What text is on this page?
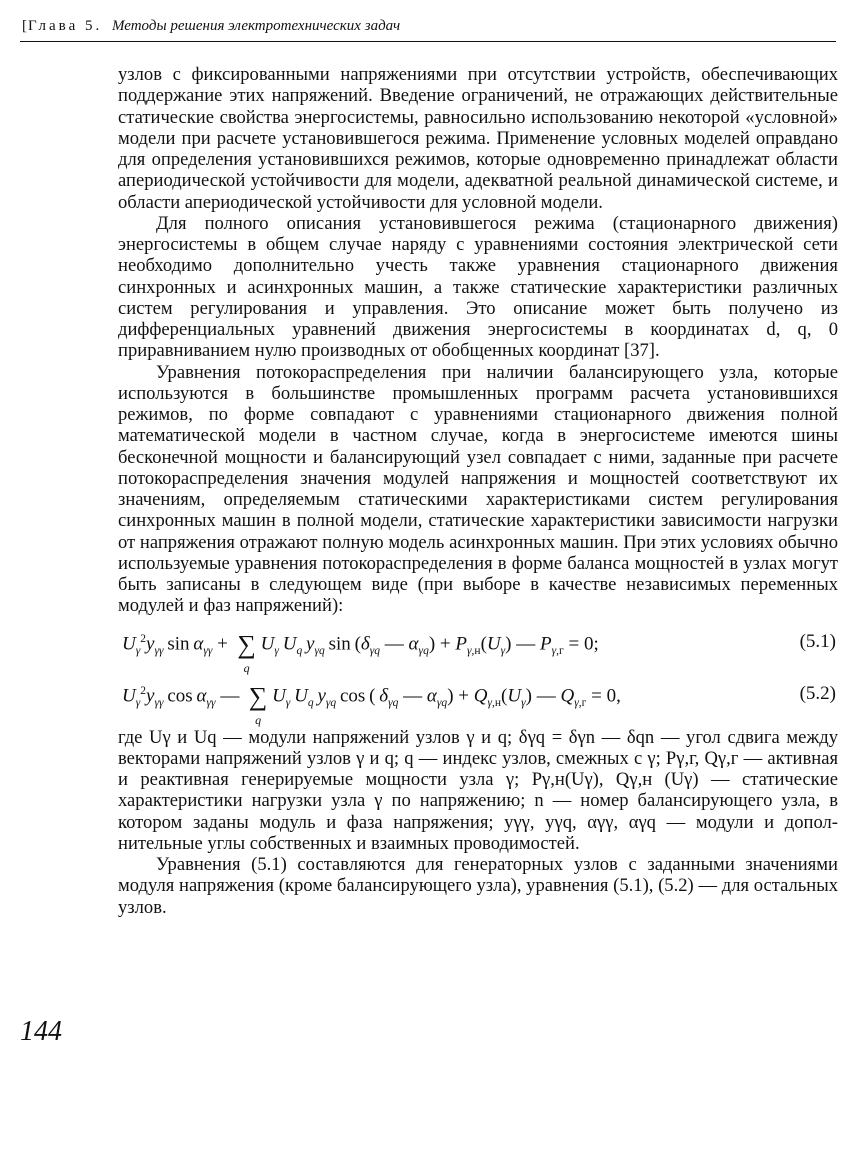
[Глава 5. Методы решения электротехнических задач

узлов с фиксированными напряжениями при отсутствии устройств, обеспечивающих поддержание этих напряжений. Введение ограничений, не отражающих действительные статические свойства энергосистемы, равносильно использованию некоторой «условной» модели при расчете установившегося режима. Применение условных моделей оправдано для определения установившихся режимов, которые одновременно принадлежат области апериодической устойчивости для модели, адекватной реальной динамической системе, и области апериодической устойчивости для условной модели.

Для полного описания установившегося режима (стационарного движения) энергосистемы в общем случае наряду с уравнениями состояния электрической сети необходимо дополнительно учесть также уравнения стационарного движения синхронных и асинхронных машин, а также статические характеристики различных систем регулирования и управления. Это описание может быть получено из дифференциальных уравнений движения энергосистемы в координатах d, q, 0 приравниванием нулю производных от обобщенных координат [37].

Уравнения потокораспределения при наличии балансирующего узла, которые используются в большинстве промышленных программ расчета установившихся режимов, по форме совпадают с уравнениями стационарного движения полной математической модели в частном случае, когда в энергосистеме имеются шины бесконечной мощности и балансирующий узел совпадает с ними, заданные при расчете потокораспределения значения модулей напряжения и мощностей соответствуют их значениям, определяемым статическими характеристиками систем регулирования синхронных машин в полной модели, статические характеристики зависимости нагрузки от напряжения отражают полную модель асинхронных машин. При этих условиях обычно используемые уравнения потокораспределения в форме баланса мощностей в узлах могут быть записаны в следующем виде (при выборе в качестве независимых переменных модулей и фаз напряжений):

$U_\gamma^2y_{\gamma\gamma}$  $\sin \alpha_{\gamma\gamma}$ + ∑
q
$U_\gamma$  $U_q$  $y_{\gamma q}$  $\sin (\delta_{\gamma q}$ — $\alpha_{\gamma q}) + P_{\gamma,н}(U_\gamma)$ — $P_{\gamma,г} = 0$;	(5.1)
$U_\gamma^2y_{\gamma\gamma}$  $\cos \alpha_{\gamma\gamma}$ — ∑
q
$U_\gamma$  $U_q$  $y_{\gamma q}$  cos ( $\delta_{\gamma q}$ — $\alpha_{\gamma q}) + Q_{\gamma,н}(U_\gamma)$ — $Q_{\gamma,г} = 0$,	(5.2)

где Uγ и Uq — модули напряжений узлов γ и q; δγq = δγn — δqn — угол сдвига между векторами напряжений узлов γ и q; q — индекс узлов, смежных с γ; Pγ,г, Qγ,г — активная и реактивная генерируемые мощности узла γ; Pγ,н(Uγ), Qγ,н (Uγ) — статические характеристики нагрузки узла γ по напряжению; n — номер балансирующего узла, в котором заданы модуль и фаза напряжения; yγγ, yγq, αγγ, αγq — модули и дополнительные углы собственных и взаимных проводимостей.

Уравнения (5.1) составляются для генераторных узлов с заданными значениями модуля напряжения (кроме балансирующего узла), уравнения (5.1), (5.2) — для остальных узлов.

144
